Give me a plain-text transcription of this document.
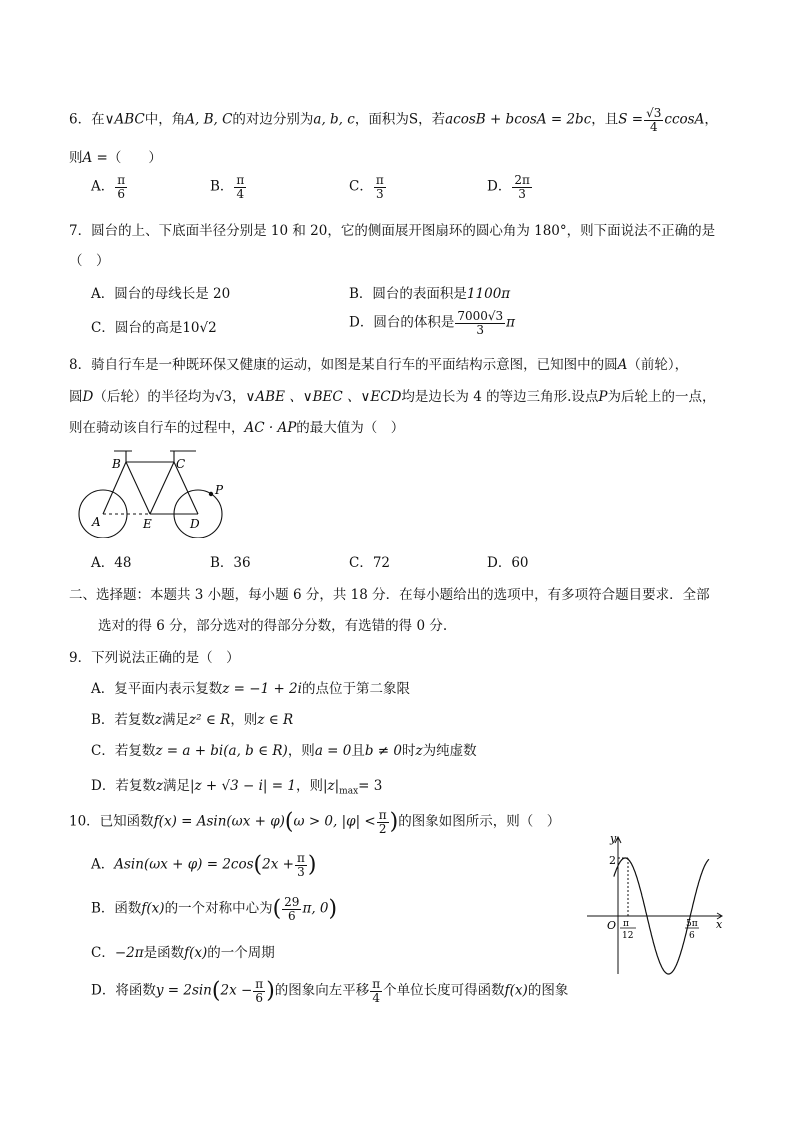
6．在∨ABC中，角A, B, C的对边分别为a, b, c，面积为S，若acosB + bcosA = 2bc，且$S = \frac{√3}{4}$ ccosA，
则A =（　　）
A． $\frac{\pi}{6}$	B． $\frac{\pi}{4}$	C． $\frac{\pi}{3}$	D． $\frac{2\pi}{3}$
7．圆台的上、下底面半径分别是 10 和 20，它的侧面展开图扇环的圆心角为 180°，则下面说法不正确的是
（　）
A．圆台的母线长是 20	B．圆台的表面积是1100π
C．圆台的高是10√2	D．圆台的体积是 $\frac{7000√3}{3}$ π
8．骑自行车是一种既环保又健康的运动，如图是某自行车的平面结构示意图，已知图中的圆A（前轮），
圆D（后轮）的半径均为√3，∨ABE 、∨BEC 、∨ECD均是边长为 4 的等边三角形.设点P为后轮上的一点，
则在骑动该自行车的过程中，AC · AP的最大值为（　）
B	C
P
A	E	D
A．48	B．36	C．72	D．60
二、选择题：本题共 3 小题，每小题 6 分，共 18 分．在每小题给出的选项中，有多项符合题目要求．全部
选对的得 6 分，部分选对的得部分分数，有选错的得 0 分.
9．下列说法正确的是（　）
A．复平面内表示复数z = −1 + 2i的点位于第二象限
B．若复数z满足z² ∈ R，则z ∈ R
C．若复数z = a + bi(a, b ∈ R)，则a = 0且b ≠ 0时z为纯虚数
D．若复数z满足|z + √3 − i| = 1，则$|z|_{max}= 3$
10．已知函数f(x) = Asin(ωx + φ)(ω > 0, $|\varphi| < \frac{\pi}{2}$ )的图象如图所示，则（　）
A．$Asin(\omega x + \varphi) = 2\cos(2x + \frac{\pi}{3}$ )
B．函数f(x)的一个对称中心为( $\frac{29}{6} \pi$, 0)
C．−2π是函数f(x)的一个周期
D．将函数$y = 2\sin(2x - \frac{\pi}{6}$ )的图象向左平移 $\frac{\pi}{4}$ 个单位长度可得函数f(x)的图象
y
x
2
O π
12
5π
6
